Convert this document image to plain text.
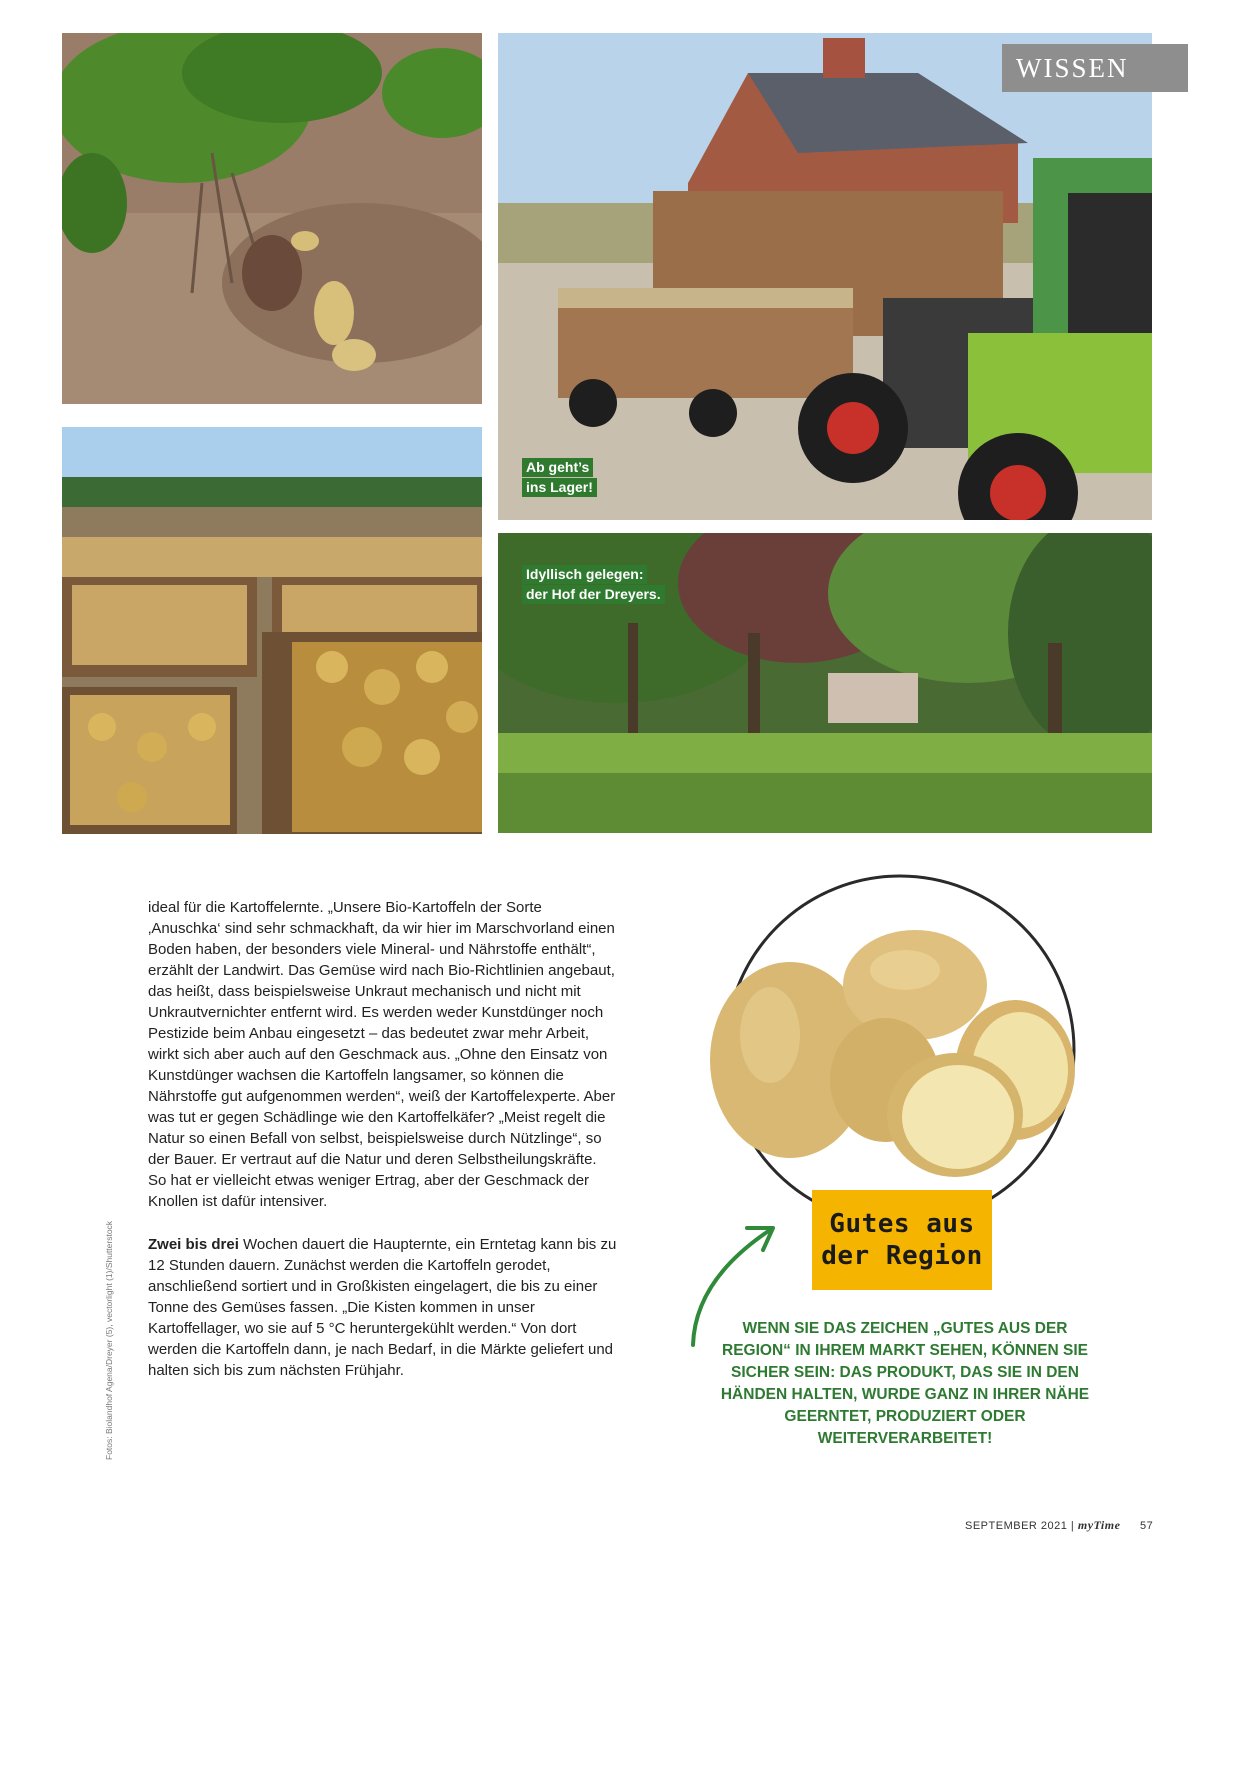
WISSEN
Ab geht’s
ins Lager!
Idyllisch gelegen:
der Hof der Dreyers.

ideal für die Kartoffelernte. „Unsere Bio-Kartoffeln der Sorte ‚Anuschka‘ sind sehr schmackhaft, da wir hier im Marschvorland einen Boden haben, der besonders viele Mineral- und Nährstoffe enthält“, erzählt der Landwirt. Das Gemüse wird nach Bio-Richtlinien angebaut, das heißt, dass beispielsweise Unkraut mechanisch und nicht mit Unkrautvernichter entfernt wird. Es werden weder Kunstdünger noch Pestizide beim Anbau eingesetzt – das bedeutet zwar mehr Arbeit, wirkt sich aber auch auf den Geschmack aus. „Ohne den Einsatz von Kunstdünger wachsen die Kartoffeln langsamer, so können die Nährstoffe gut aufgenommen werden“, weiß der Kartoffelexperte. Aber was tut er gegen Schädlinge wie den Kartoffelkäfer? „Meist regelt die Natur so einen Befall von selbst, beispielsweise durch Nützlinge“, so der Bauer. Er vertraut auf die Natur und deren Selbstheilungskräfte. So hat er vielleicht etwas weniger Ertrag, aber der Geschmack der Knollen ist dafür intensiver.

Zwei bis drei Wochen dauert die Haupternte, ein Erntetag kann bis zu 12 Stunden dauern. Zunächst werden die Kartoffeln gerodet, anschließend sortiert und in Großkisten eingelagert, die bis zu einer Tonne des Gemüses fassen. „Die Kisten kommen in unser Kartoffellager, wo sie auf 5 °C heruntergekühlt werden.“ Von dort werden die Kartoffeln dann, je nach Bedarf, in die Märkte geliefert und halten sich bis zum nächsten Frühjahr.

Fotos: Biolandhof Agena/Dreyer (5), vectorlight (1)/Shutterstock	Gutes aus
der Region
WENN SIE DAS ZEICHEN „GUTES AUS DER REGION“ IN IHREM MARKT SEHEN, KÖNNEN SIE SICHER SEIN: DAS PRODUKT, DAS SIE IN DEN HÄNDEN HALTEN, WURDE GANZ IN IHRER NÄHE GEERNTET, PRODUZIERT ODER WEITERVERARBEITET!
SEPTEMBER 2021 | myTime 57
